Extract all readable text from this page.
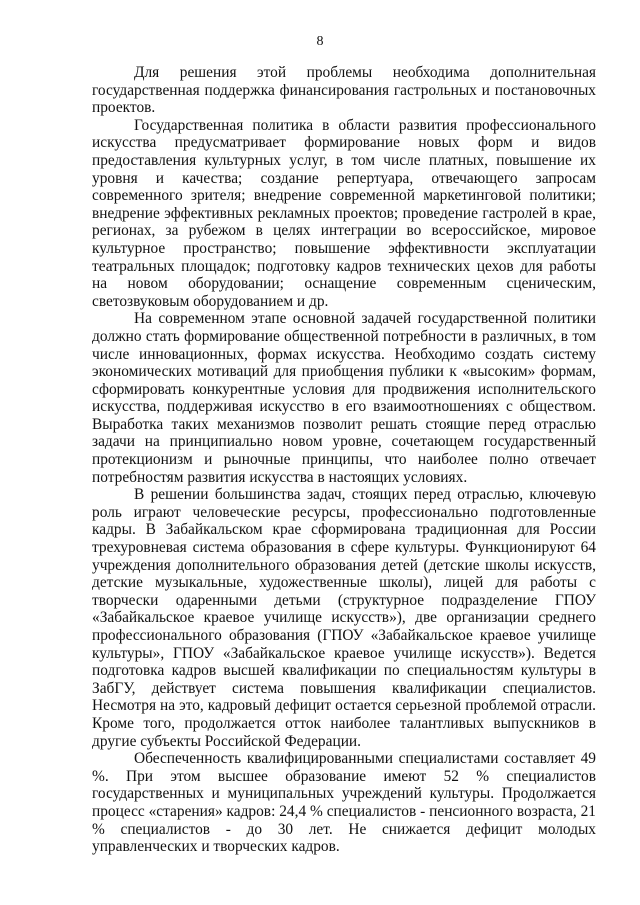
8

Для решения этой проблемы необходима дополнительная государственная поддержка финансирования гастрольных и постановочных проектов.

Государственная политика в области развития профессионального искусства предусматривает формирование новых форм и видов предоставления культурных услуг, в том числе платных, повышение их уровня и качества; создание репертуара, отвечающего запросам современного зрителя; внедрение современной маркетинговой политики; внедрение эффективных рекламных проектов; проведение гастролей в крае, регионах, за рубежом в целях интеграции во всероссийское, мировое культурное пространство; повышение эффективности эксплуатации театральных площадок; подготовку кадров технических цехов для работы на новом оборудовании; оснащение современным сценическим, светозвуковым оборудованием и др.

На современном этапе основной задачей государственной политики должно стать формирование общественной потребности в различных, в том числе инновационных, формах искусства. Необходимо создать систему экономических мотиваций для приобщения публики к «высоким» формам, сформировать конкурентные условия для продвижения исполнительского искусства, поддерживая искусство в его взаимоотношениях с обществом. Выработка таких механизмов позволит решать стоящие перед отраслью задачи на принципиально новом уровне, сочетающем государственный протекционизм и рыночные принципы, что наиболее полно отвечает потребностям развития искусства в настоящих условиях.

В решении большинства задач, стоящих перед отраслью, ключевую роль играют человеческие ресурсы, профессионально подготовленные кадры. В Забайкальском крае сформирована традиционная для России трехуровневая система образования в сфере культуры. Функционируют 64 учреждения дополнительного образования детей (детские школы искусств, детские музыкальные, художественные школы), лицей для работы с творчески одаренными детьми (структурное подразделение ГПОУ «Забайкальское краевое училище искусств»), две организации среднего профессионального образования (ГПОУ «Забайкальское краевое училище культуры», ГПОУ «Забайкальское краевое училище искусств»). Ведется подготовка кадров высшей квалификации по специальностям культуры в ЗабГУ, действует система повышения квалификации специалистов. Несмотря на это, кадровый дефицит остается серьезной проблемой отрасли. Кроме того, продолжается отток наиболее талантливых выпускников в другие субъекты Российской Федерации.

Обеспеченность квалифицированными специалистами составляет 49 %. При этом высшее образование имеют 52 % специалистов государственных и муниципальных учреждений культуры. Продолжается процесс «старения» кадров: 24,4 % специалистов - пенсионного возраста, 21 % специалистов - до 30 лет. Не снижается дефицит молодых управленческих и творческих кадров.
